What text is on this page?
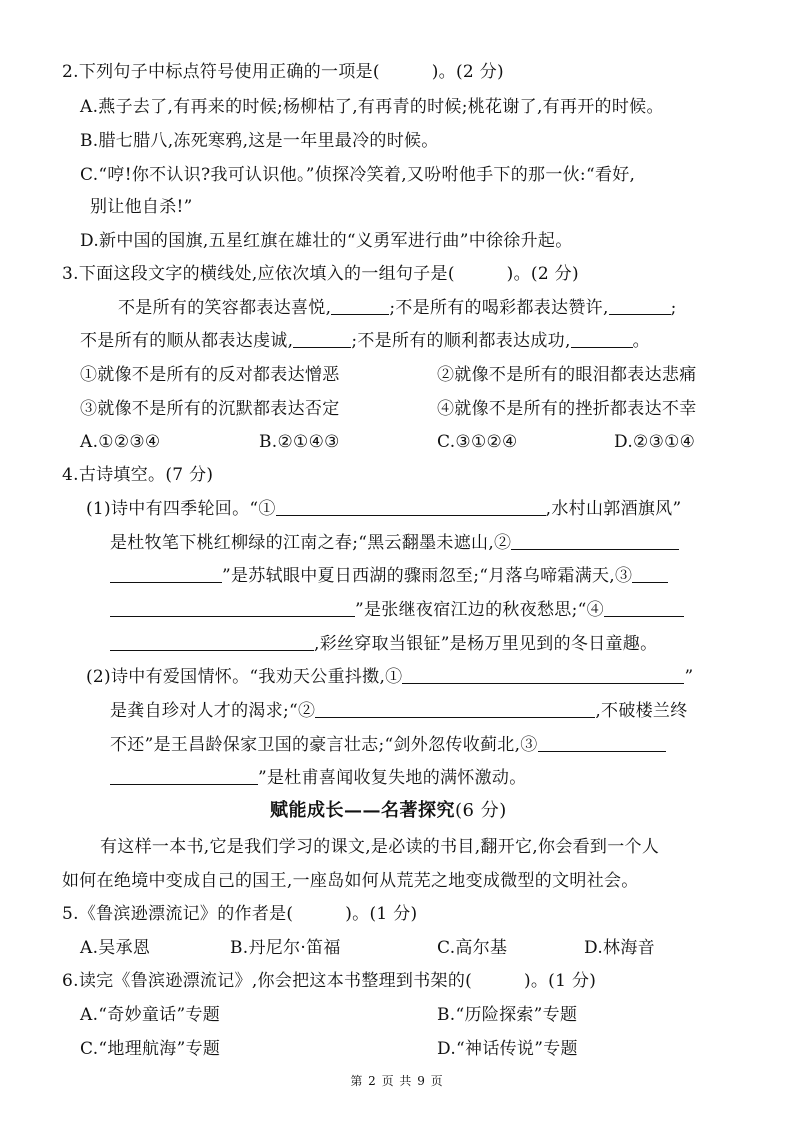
2.下列句子中标点符号使用正确的一项是(　　　)。(2 分)
A.燕子去了,有再来的时候;杨柳枯了,有再青的时候;桃花谢了,有再开的时候。
B.腊七腊八,冻死寒鸦,这是一年里最冷的时候。
C.“哼!你不认识?我可认识他。”侦探冷笑着,又吩咐他手下的那一伙:“看好,
别让他自杀!”
D.新中国的国旗,五星红旗在雄壮的“义勇军进行曲”中徐徐升起。
3.下面这段文字的横线处,应依次填入的一组句子是(　　　)。(2 分)
不是所有的笑容都表达喜悦,	;不是所有的喝彩都表达赞许,	;
不是所有的顺从都表达虔诚,	;不是所有的顺利都表达成功,	。
①就像不是所有的反对都表达憎恶	②就像不是所有的眼泪都表达悲痛
③就像不是所有的沉默都表达否定	④就像不是所有的挫折都表达不幸
A.①②③④	B.②①④③	C.③①②④	D.②③①④
4.古诗填空。(7 分)
(1)诗中有四季轮回。“①	,水村山郭酒旗风”
是杜牧笔下桃红柳绿的江南之春;“黑云翻墨未遮山,②
”是苏轼眼中夏日西湖的骤雨忽至;“月落乌啼霜满天,③
”是张继夜宿江边的秋夜愁思;“④
,彩丝穿取当银钲”是杨万里见到的冬日童趣。
(2)诗中有爱国情怀。“我劝天公重抖擞,①	”
是龚自珍对人才的渴求;“②	,不破楼兰终
不还”是王昌龄保家卫国的豪言壮志;“剑外忽传收蓟北,③
”是杜甫喜闻收复失地的满怀激动。
赋能成长——名著探究(6 分)
有这样一本书,它是我们学习的课文,是必读的书目,翻开它,你会看到一个人
如何在绝境中变成自己的国王,一座岛如何从荒芜之地变成微型的文明社会。
5.《鲁滨逊漂流记》的作者是(　　　)。(1 分)
A.吴承恩	B.丹尼尔·笛福	C.高尔基	D.林海音
6.读完《鲁滨逊漂流记》,你会把这本书整理到书架的(　　　)。(1 分)
A.“奇妙童话”专题	B.“历险探索”专题
C.“地理航海”专题	D.“神话传说”专题
第 2 页 共 9 页
